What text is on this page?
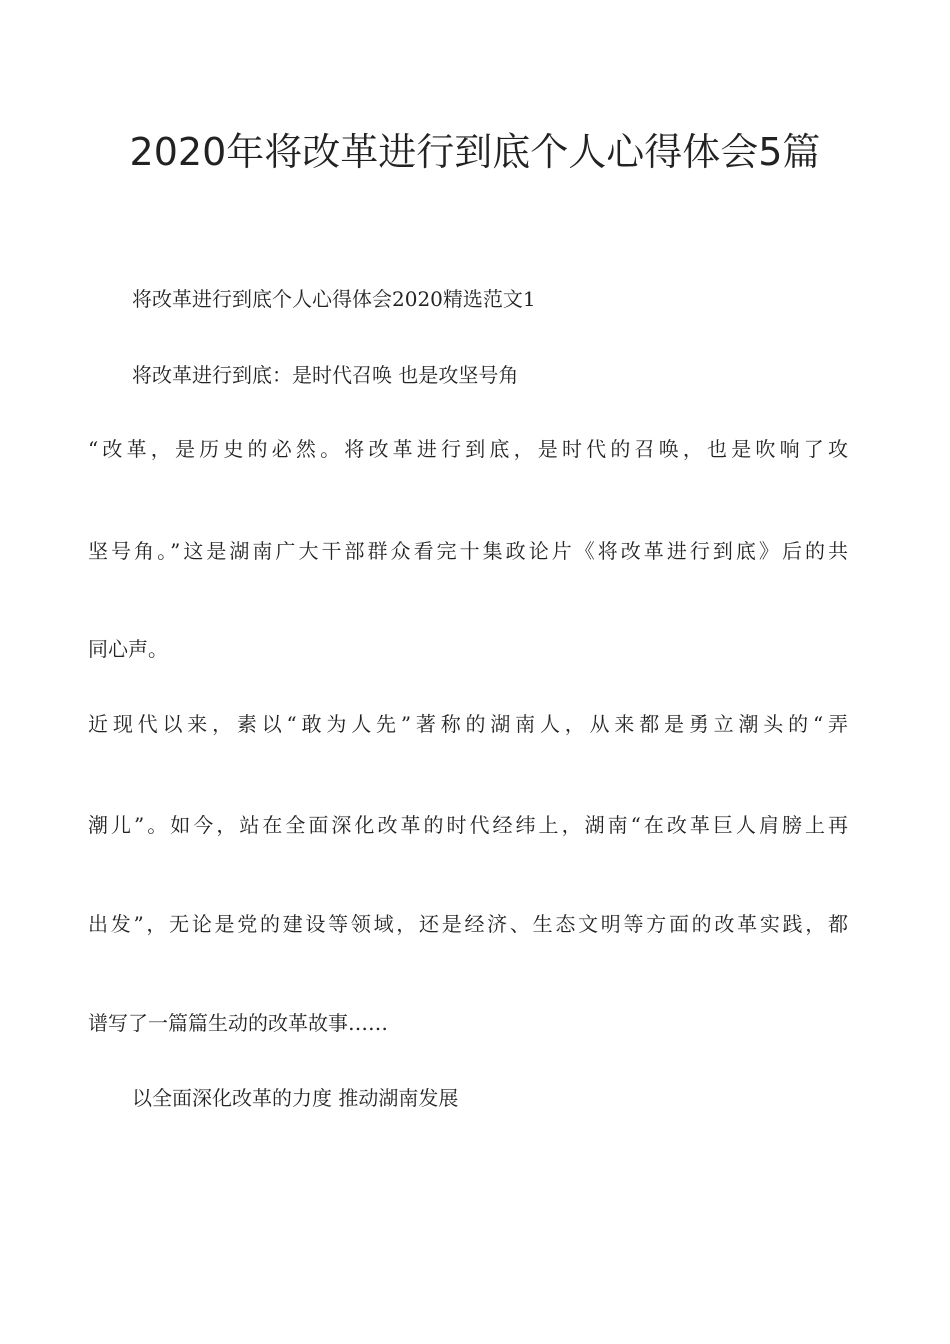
2020年将改革进行到底个人心得体会5篇

将改革进行到底个人心得体会2020精选范文1

将改革进行到底：是时代召唤 也是攻坚号角

“改革，是历史的必然。将改革进行到底，是时代的召唤，也是吹响了攻

坚号角。”这是湖南广大干部群众看完十集政论片《将改革进行到底》后的共

同心声。

近现代以来，素以“敢为人先”著称的湖南人，从来都是勇立潮头的“弄

潮儿”。如今，站在全面深化改革的时代经纬上，湖南“在改革巨人肩膀上再

出发”，无论是党的建设等领域，还是经济、生态文明等方面的改革实践，都

谱写了一篇篇生动的改革故事……

以全面深化改革的力度 推动湖南发展
